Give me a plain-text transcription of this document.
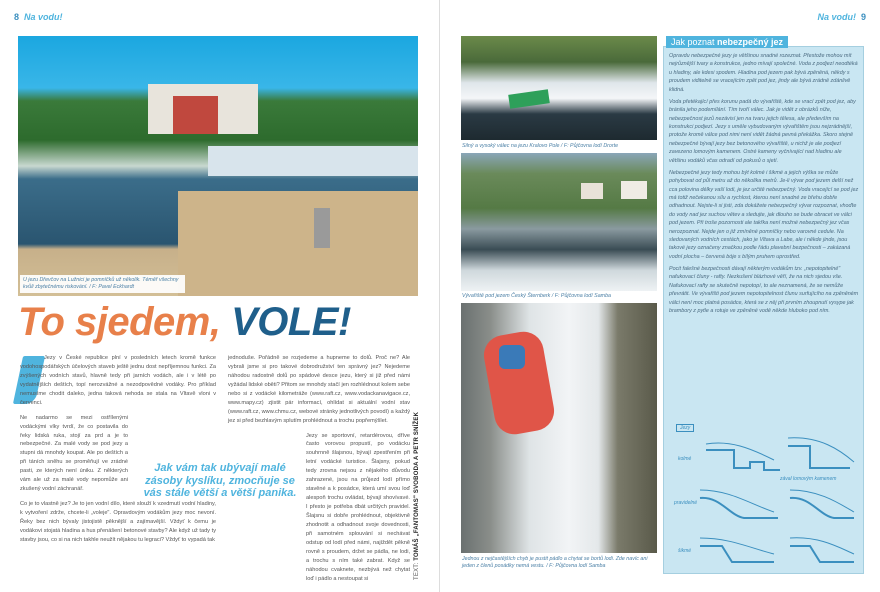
8 Na vodu!
U jezu Dřevčov na Lužnici je pomníčků už několik. Téměř všechny kvůli zbytečnému riskování. / F: Pavel Eckhardt
To sjedem, VOLE!

Jezy v České republice plní v posledních letech kromě funkce vodohospodářských účelových staveb ještě jednu dost nepříjemnou funkci. Za zvýšených vodních stavů, hlavně tedy při jarních vodách, ale i v létě po vydatnějších deštích, topí nerozvážné a nezodpovědné vodáky. Pro příklad nemusíme chodit daleko, jedna taková nehoda se stala na Vltavě vloni v červenci.

Ne nadarmo se mezi ostřílenými vodáckými vlky tvrdí, že co postavila do řeky lidská ruka, stojí za prd a je to nebezpečné. Za malé vody se pod jezy a stupni dá mnohdy koupat. Ale po deštích a při táních sněhu se proměňují ve zrádné pasti, ze kterých není úniku. Z některých vám ale už za malé vody nepomůže ani zkušený vodní záchranář.

Co je to vlastně jez? Je to jen vodní dílo, které slouží k vzedmutí vodní hladiny, k vytvoření zdrže, chcete-li „voleje". Opravdovým vodákům jezy moc nevoní. Řeky bez nich bývaly jistojistě pěknější a zajímavější. Vždyť k čemu je vodákovi stojatá hladina a hus přenášení betonové stavby? Ale když už tady ty stavby jsou, co si na nich takhle neužít nějakou tu legraci? Vždyť to vypadá tak

Jak vám tak ubývají malé zásoby kyslíku, zmocňuje se vás stále větší a větší panika.

jednoduše. Pořádně se rozjedeme a hupneme to dolů. Proč ne? Ale vybrali jsme si pro takové dobrodružství ten správný jez? Nejedeme náhodou radostně dolů po spádové desce jezu, který si již před námi vyžádal lidské oběti? Přitom se mnohdy stačí jen rozhlédnout kolem sebe nebo si z vodácké kilometráže (www.raft.cz, www.vodackanavigace.cz, www.mapy.cz) zjistit pár informací, ohlídat si aktuální vodní stav (www.raft.cz, www.chmu.cz, webové stránky jednotlivých povodí) a každý jez si před bezhlavým splutím prohlédnout a trochu popřemýšlet.

Jezy se sportovní, retardérovou, dříve často vorovou propustí, po vodácku souhrnně šlajsnou, bývají zpestřením při letní vodácké turistice. Šlajsny, pokud tedy zrovna nejsou z nějakého důvodu zahrazené, jsou na průjezd lodí přímo stavěné a k posádce, která umí svou loď alespoň trochu ovládat, bývají shovívavé. I přesto je potřeba dbát určitých pravidel. Šlajsnu si dobře prohlédnout, objektivně zhodnotit a odhadnout svoje dovednosti, při samotném splouvání si nechávat odstup od lodí před námi, najíždět pěkně rovně s proudem, držet se pádla, ne lodi, a trochu s ním také zabrat. Když se náhodou cvaknete, nezbývá než chytat loď i pádlo a nestoupat si	TEXT: TOMÁŠ „FANTOMAS" SVOBODA A PETR SNÍŽEK
Na vodu! 9
Silný a vysoký válec na jezu Kralovo Pole / F: Půjčovna lodí Drorte
Vývařiště pod jezem Český Šternberk / F: Půjčovna lodí Samba
Jednou z nejčastějších chyb je pustit pádlo a chytat se bortů lodi. Zde navíc ani jeden z členů posádky nemá vestu. / F: Půjčovna lodí Samba
Jak poznat nebezpečný jez

Opravdu nebezpečné jezy je většinou snadné rozeznat. Přestože mohou mít nejrůznější tvary a konstrukce, jedno mívají společné. Voda z podjezí neodtéká u hladiny, ale kdesi spodem. Hladina pod jezem pak bývá zpěněná, někdy s proudem viditelně se vracejícím zpět pod jez, jindy ale bývá zrádně zdánlivě klidná.

Voda přetékající přes korunu padá do vývařiště, kde se vrací zpět pod jez, aby bránila jeho podemílání. Tím tvoří válec. Jak je vidět z obrázků níže, nebezpečnost jezů nezávisí jen na tvaru jejich tělesa, ale především na konstrukci podjezí. Jezy s uměle vybudovaným vývařištěm jsou nejzrádnější, protože kromě válce pod nimi není vidět žádná pevná překážka. Skoro stejně nebezpečné bývají jezy bez betonového vývařiště, u nichž je ale podjezí zavezeno lomovým kamenem. Ostré kameny vyčnívající nad hladinu ale většinu vodáků včas odradí od pokusů o sjetí.

Nebezpečné jezy tedy mohou být kolmé i šikmé a jejich výška se může pohybovat od půl metru až do několika metrů. Je-li vývar pod jezem delší než cca polovina délky vaší lodi, je jez určitě nebezpečný. Voda vracející se pod jez má totiž nečekanou sílu a rychlost, kterou není snadné ze břehu dobře odhadnout. Nejste-li si jisti, zda dokážete nebezpečný vývar rozpoznat, vhoďte do vody nad jez suchou větev a sledujte, jak dlouho se bude obracet ve válci pod jezem. Při troše pozornosti ale takřka není možné nebezpečný jez včas nerozpoznat. Nejde jen o již zmíněné pomníčky nebo varovné cedule. Na sledovaných vodních cestách, jako je Vltava a Labe, ale i někde jinde, jsou takové jezy označeny značkou podle řádu plavební bezpečnosti – zakázaná vodní plocha – červená bóje s bílým pruhem uprostřed.

Pocit falešné bezpečnosti dávají některým vodákům tzv. „nepotopitelné" nafukovací čluny - rafty. Nezkušení blázhové věří, že na nich sjedou vše. Nafukovací rafty se skutečně nepotopí, to ale neznamená, že se nemůže převrátit. Ve vývařišti pod jezem nepotopitelnost člunu surfujícího na zpěněném válci není moc platná posádce, která se z něj při prvním zhoupnutí vysype jak brambory z pytle a rotuje ve zpěněné vodě někde hluboko pod ním.

Jezy
kolmé
pravidelné
šikmé
zával lomovým kamenem
